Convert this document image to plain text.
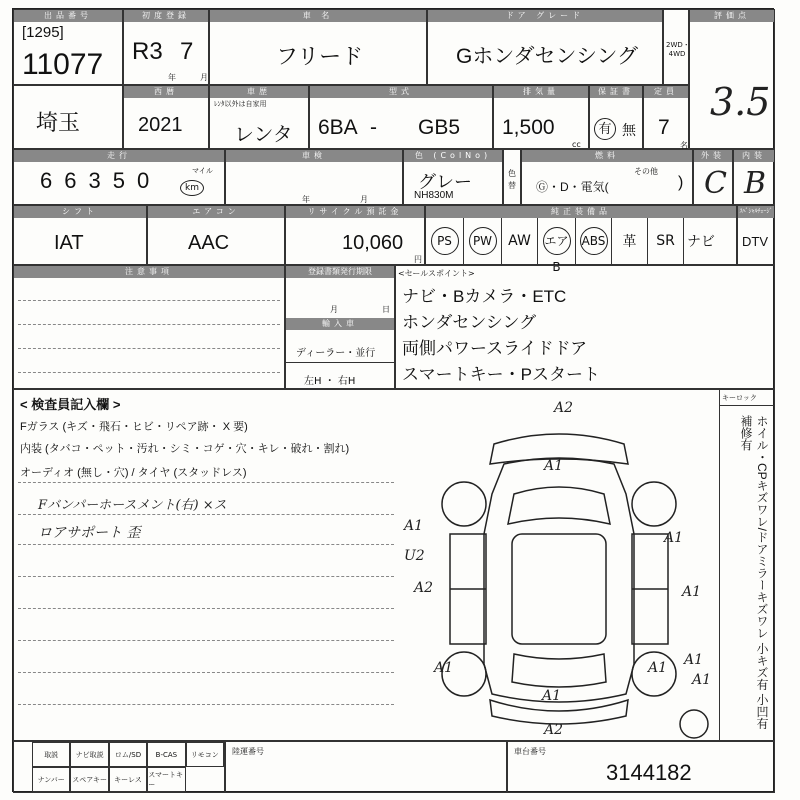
出品番号
[1295]
11077
初度登録
R3 7
年	月
車 名
フリード
ドア グレード
Gホンダセンシング	2WD・4WD
評価点
3.5
埼玉
西暦
2021
車歴
ﾚﾝﾀ以外は自家用
レンタ
型式
6BA - GB5
排気量
1,500
cc
保証書
有 無
定員
7
名
走行
6 6 3 5 0	マイル
km
車検
年	月
色 (ColNo)
グレー
NH830M
色替
燃料
Ⓖ・D・電気(
その他
)
外装
C
内装
B
シフト
IAT
エアコン
AAC
リサイクル預託金
10,060
円
純正装備品
PS	PW	AW エアB
ABS 革 SR ナビ
ｽﾍﾟｼｬﾙﾁｪｰｼﾞ
DTV
注意事項	登録書類発行期限
月	日
輸入車
ディーラー・並行
左H ・ 右H
<セールスポイント>
ナビ・Bカメラ・ETC
ホンダセンシング
両側パワースライドドア
スマートキー・Pスタート
< 検査員記入欄 >
Fガラス (キズ・飛石・ヒビ・リペア跡・ X 要)
内装 (タバコ・ペット・汚れ・シミ・コゲ・穴・キレ・破れ・割れ)
オーディオ (無し・穴) / タイヤ (スタッドレス)
Fバンパーホースメント(右) ×ス
ロアサポート 歪
A2
A1
A1
U2
A2
A1
A1
A1	A1
A1
A2
A1
A1
キーロック
ホイル・CPキズワレ/ドアミラーキズワレ 小キズ有 小凹有 補修有
取説	ナビ取説	ロム/SD	B-CAS	リモコン
ナンバー	スペアキー	キーレス
スマートキー
陸運番号	車台番号
3144182
